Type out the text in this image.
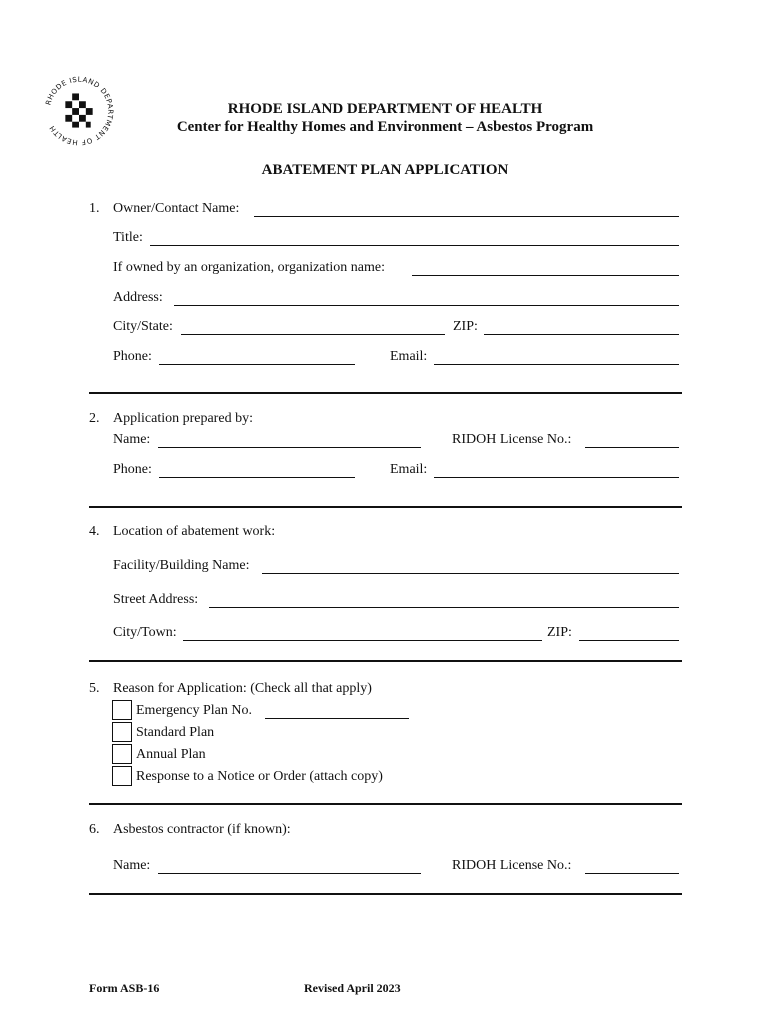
RHODE ISLAND DEPARTMENT OF HEALTH
RHODE ISLAND DEPARTMENT OF HEALTH
Center for Healthy Homes and Environment – Asbestos Program
ABATEMENT PLAN APPLICATION
1. Owner/Contact Name:
Title:
If owned by an organization, organization name:
Address:
City/State:	ZIP:
Phone:	Email:
2. Application prepared by:
Name:	RIDOH License No.:
Phone:	Email:
4. Location of abatement work:
Facility/Building Name:
Street Address:
City/Town:	ZIP:
5. Reason for Application: (Check all that apply)
Emergency Plan No.
Standard Plan
Annual Plan
Response to a Notice or Order (attach copy)
6. Asbestos contractor (if known):
Name:	RIDOH License No.:
Form ASB-16	Revised April 2023
